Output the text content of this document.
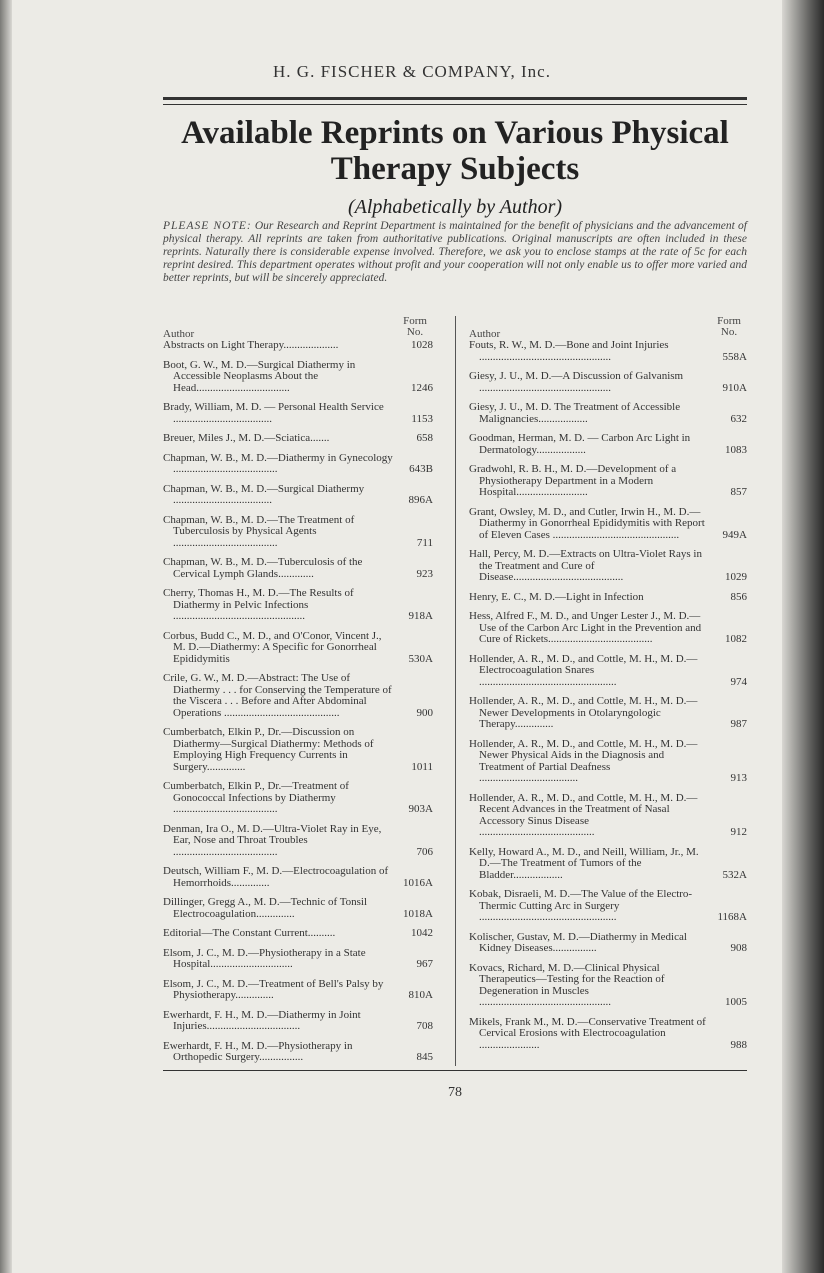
H. G. FISCHER & COMPANY, Inc.
Available Reprints on Various Physical Therapy Subjects
(Alphabetically by Author)
PLEASE NOTE: Our Research and Reprint Department is maintained for the benefit of physicians and the advancement of physical therapy. All reprints are taken from authoritative publications. Original manuscripts are often included in these reprints. Naturally there is considerable expense involved. Therefore, we ask you to enclose stamps at the rate of 5c for each reprint desired. This department operates without profit and your cooperation will not only enable us to offer more varied and better reprints, but will be sincerely appreciated.
Author
Form
No.
Abstracts on Light Therapy....................	1028
Boot, G. W., M. D.—Surgical Diathermy in Accessible Neoplasms About the Head..................................	1246
Brady, William, M. D. — Personal Health Service ....................................	1153
Breuer, Miles J., M. D.—Sciatica.......	658
Chapman, W. B., M. D.—Diathermy in Gynecology ......................................	643B
Chapman, W. B., M. D.—Surgical Diathermy ....................................	896A
Chapman, W. B., M. D.—The Treatment of Tuberculosis by Physical Agents ......................................	711
Chapman, W. B., M. D.—Tuberculosis of the Cervical Lymph Glands.............	923
Cherry, Thomas H., M. D.—The Results of Diathermy in Pelvic Infections ................................................	918A
Corbus, Budd C., M. D., and O'Conor, Vincent J., M. D.—Diathermy: A Specific for Gonorrheal Epididymitis	530A
Crile, G. W., M. D.—Abstract: The Use of Diathermy . . . for Conserving the Temperature of the Viscera . . . Before and After Abdominal Operations ..........................................	900
Cumberbatch, Elkin P., Dr.—Discussion on Diathermy—Surgical Diathermy: Methods of Employing High Frequency Currents in Surgery..............	1011
Cumberbatch, Elkin P., Dr.—Treatment of Gonococcal Infections by Diathermy ......................................	903A
Denman, Ira O., M. D.—Ultra-Violet Ray in Eye, Ear, Nose and Throat Troubles ......................................	706
Deutsch, William F., M. D.—Electrocoagulation of Hemorrhoids..............	1016A
Dillinger, Gregg A., M. D.—Technic of Tonsil Electrocoagulation..............	1018A
Editorial—The Constant Current..........	1042
Elsom, J. C., M. D.—Physiotherapy in a State Hospital..............................	967
Elsom, J. C., M. D.—Treatment of Bell's Palsy by Physiotherapy..............	810A
Ewerhardt, F. H., M. D.—Diathermy in Joint Injuries..................................	708
Ewerhardt, F. H., M. D.—Physiotherapy in Orthopedic Surgery................	845
Author
Form
No.
Fouts, R. W., M. D.—Bone and Joint Injuries ................................................	558A
Giesy, J. U., M. D.—A Discussion of Galvanism ................................................	910A
Giesy, J. U., M. D. The Treatment of Accessible Malignancies..................	632
Goodman, Herman, M. D. — Carbon Arc Light in Dermatology..................	1083
Gradwohl, R. B. H., M. D.—Development of a Physiotherapy Department in a Modern Hospital..........................	857
Grant, Owsley, M. D., and Cutler, Irwin H., M. D.—Diathermy in Gonorrheal Epididymitis with Report of Eleven Cases ..............................................	949A
Hall, Percy, M. D.—Extracts on Ultra-Violet Rays in the Treatment and Cure of Disease........................................	1029
Henry, E. C., M. D.—Light in Infection	856
Hess, Alfred F., M. D., and Unger Lester J., M. D.—Use of the Carbon Arc Light in the Prevention and Cure of Rickets......................................	1082
Hollender, A. R., M. D., and Cottle, M. H., M. D.—Electrocoagulation Snares ..................................................	974
Hollender, A. R., M. D., and Cottle, M. H., M. D.—Newer Developments in Otolaryngologic Therapy..............	987
Hollender, A. R., M. D., and Cottle, M. H., M. D.—Newer Physical Aids in the Diagnosis and Treatment of Partial Deafness ....................................	913
Hollender, A. R., M. D., and Cottle, M. H., M. D.—Recent Advances in the Treatment of Nasal Accessory Sinus Disease ..........................................	912
Kelly, Howard A., M. D., and Neill, William, Jr., M. D.—The Treatment of Tumors of the Bladder..................	532A
Kobak, Disraeli, M. D.—The Value of the Electro-Thermic Cutting Arc in Surgery ..................................................	1168A
Kolischer, Gustav, M. D.—Diathermy in Medical Kidney Diseases................	908
Kovacs, Richard, M. D.—Clinical Physical Therapeutics—Testing for the Reaction of Degeneration in Muscles ................................................	1005
Mikels, Frank M., M. D.—Conservative Treatment of Cervical Erosions with Electrocoagulation ......................	988
78
